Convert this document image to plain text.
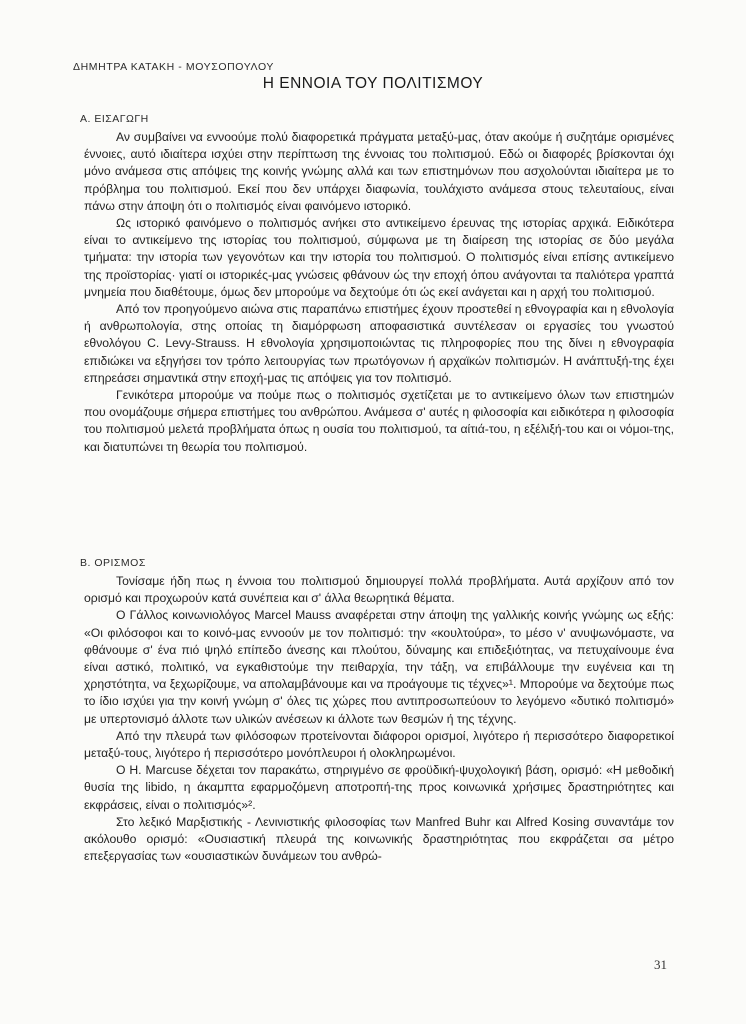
ΔΗΜΗΤΡΑ ΚΑΤΑΚΗ - ΜΟΥΣΟΠΟΥΛΟΥ
Η ΕΝΝΟΙΑ ΤΟΥ ΠΟΛΙΤΙΣΜΟΥ
Α. ΕΙΣΑΓΩΓΗ

Αν συμβαίνει να εννοούμε πολύ διαφορετικά πράγματα μεταξύ-μας, όταν ακούμε ή συζητάμε ορισμένες έννοιες, αυτό ιδιαίτερα ισχύει στην περίπτωση της έννοιας του πολιτισμού. Εδώ οι διαφορές βρίσκονται όχι μόνο ανάμεσα στις απόψεις της κοινής γνώμης αλλά και των επιστημόνων που ασχολούνται ιδιαίτερα με το πρόβλημα του πολιτισμού. Εκεί που δεν υπάρχει διαφωνία, τουλάχιστο ανάμεσα στους τελευταίους, είναι πάνω στην άποψη ότι ο πολιτισμός είναι φαινόμενο ιστορικό.

Ως ιστορικό φαινόμενο ο πολιτισμός ανήκει στο αντικείμενο έρευνας της ιστορίας αρχικά. Ειδικότερα είναι το αντικείμενο της ιστορίας του πολιτισμού, σύμφωνα με τη διαίρεση της ιστορίας σε δύο μεγάλα τμήματα: την ιστορία των γεγονότων και την ιστορία του πολιτισμού. Ο πολιτισμός είναι επίσης αντικείμενο της προϊστορίας· γιατί οι ιστορικές-μας γνώσεις φθάνουν ώς την εποχή όπου ανάγονται τα παλιότερα γραπτά μνημεία που διαθέτουμε, όμως δεν μπορούμε να δεχτούμε ότι ώς εκεί ανάγεται και η αρχή του πολιτισμού.

Από τον προηγούμενο αιώνα στις παραπάνω επιστήμες έχουν προστεθεί η εθνογραφία και η εθνολογία ή ανθρωπολογία, στης οποίας τη διαμόρφωση αποφασιστικά συντέλεσαν οι εργασίες του γνωστού εθνολόγου C. Levy-Strauss. Η εθνολογία χρησιμοποιώντας τις πληροφορίες που της δίνει η εθνογραφία επιδιώκει να εξηγήσει τον τρόπο λειτουργίας των πρωτόγονων ή αρχαϊκών πολιτισμών. Η ανάπτυξή-της έχει επηρεάσει σημαντικά στην εποχή-μας τις απόψεις για τον πολιτισμό.

Γενικότερα μπορούμε να πούμε πως ο πολιτισμός σχετίζεται με το αντικείμενο όλων των επιστημών που ονομάζουμε σήμερα επιστήμες του ανθρώπου. Ανάμεσα σ' αυτές η φιλοσοφία και ειδικότερα η φιλοσοφία του πολιτισμού μελετά προβλήματα όπως η ουσία του πολιτισμού, τα αίτιά-του, η εξέλιξή-του και οι νόμοι-της, και διατυπώνει τη θεωρία του πολιτισμού.

Β. ΟΡΙΣΜΟΣ

Τονίσαμε ήδη πως η έννοια του πολιτισμού δημιουργεί πολλά προβλήματα. Αυτά αρχίζουν από τον ορισμό και προχωρούν κατά συνέπεια και σ' άλλα θεωρητικά θέματα.

Ο Γάλλος κοινωνιολόγος Marcel Mauss αναφέρεται στην άποψη της γαλλικής κοινής γνώμης ως εξής: «Οι φιλόσοφοι και το κοινό-μας εννοούν με τον πολιτισμό: την «κουλτούρα», το μέσο ν' ανυψωνόμαστε, να φθάνουμε σ' ένα πιό ψηλό επίπεδο άνεσης και πλούτου, δύναμης και επιδεξιότητας, να πετυχαίνουμε ένα είναι αστικό, πολιτικό, να εγκαθιστούμε την πειθαρχία, την τάξη, να επιβάλλουμε την ευγένεια και τη χρηστότητα, να ξεχωρίζουμε, να απολαμβάνουμε και να προάγουμε τις τέχνες»¹. Μπορούμε να δεχτούμε πως το ίδιο ισχύει για την κοινή γνώμη σ' όλες τις χώρες που αντιπροσωπεύουν το λεγόμενο «δυτικό πολιτισμό» με υπερτονισμό άλλοτε των υλικών ανέσεων κι άλλοτε των θεσμών ή της τέχνης.

Από την πλευρά των φιλόσοφων προτείνονται διάφοροι ορισμοί, λιγότερο ή περισσότερο διαφορετικοί μεταξύ-τους, λιγότερο ή περισσότερο μονόπλευροι ή ολοκληρωμένοι.

Ο H. Marcuse δέχεται τον παρακάτω, στηριγμένο σε φροϋδική-ψυχολογική βάση, ορισμό: «Η μεθοδική θυσία της libido, η άκαμπτα εφαρμοζόμενη αποτροπή-της προς κοινωνικά χρήσιμες δραστηριότητες και εκφράσεις, είναι ο πολιτισμός»².

Στο λεξικό Μαρξιστικής - Λενινιστικής φιλοσοφίας των Manfred Buhr και Alfred Kosing συναντάμε τον ακόλουθο ορισμό: «Ουσιαστική πλευρά της κοινωνικής δραστηριότητας που εκφράζεται σα μέτρο επεξεργασίας των «ουσιαστικών δυνάμεων του ανθρώ-

31
